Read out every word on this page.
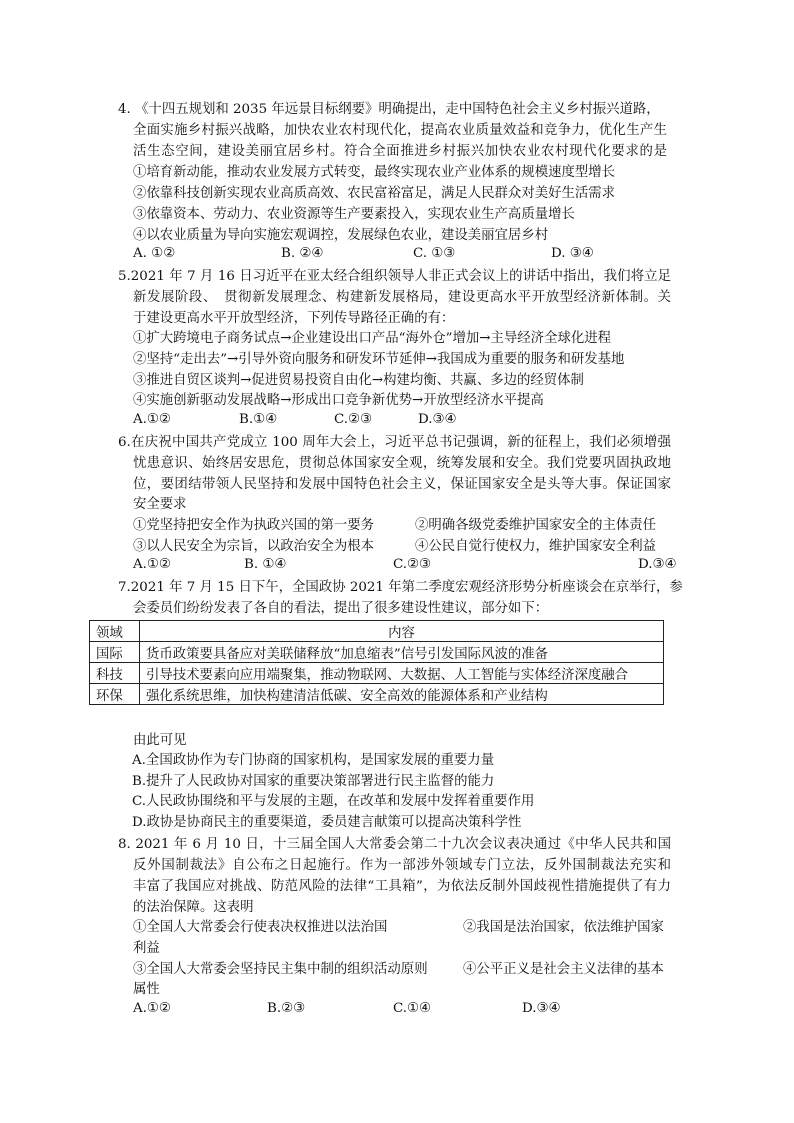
4. 《十四五规划和 2035 年远景目标纲要》明确提出，走中国特色社会主义乡村振兴道路，
全面实施乡村振兴战略，加快农业农村现代化，提高农业质量效益和竞争力，优化生产生
活生态空间，建设美丽宜居乡村。符合全面推进乡村振兴加快农业农村现代化要求的是
①培育新动能，推动农业发展方式转变，最终实现农业产业体系的规模速度型增长
②依靠科技创新实现农业高质高效、农民富裕富足，满足人民群众对美好生活需求
③依靠资本、劳动力、农业资源等生产要素投入，实现农业生产高质量增长
④以农业质量为导向实施宏观调控，发展绿色农业，建设美丽宜居乡村
A. ①②	B. ②④	C. ①③	D. ③④
5.2021 年 7 月 16 日习近平在亚太经合组织领导人非正式会议上的讲话中指出，我们将立足
新发展阶段、　贯彻新发展理念、构建新发展格局，建设更高水平开放型经济新体制。关
于建设更高水平开放型经济，下列传导路径正确的有：
①扩大跨境电子商务试点→企业建设出口产品“海外仓”增加→主导经济全球化进程
②坚持“走出去”→引导外资向服务和研发环节延伸→我国成为重要的服务和研发基地
③推进自贸区谈判→促进贸易投资自由化→构建均衡、共赢、多边的经贸体制
④实施创新驱动发展战略→形成出口竞争新优势→开放型经济水平提高
A.①②	B.①④	C.②③	D.③④
6.在庆祝中国共产党成立 100 周年大会上，习近平总书记强调，新的征程上，我们必须增强
忧患意识、始终居安思危，贯彻总体国家安全观，统筹发展和安全。我们党要巩固执政地
位，要团结带领人民坚持和发展中国特色社会主义，保证国家安全是头等大事。保证国家
安全要求
①党坚持把安全作为执政兴国的第一要务	②明确各级党委维护国家安全的主体责任
③以人民安全为宗旨，以政治安全为根本	④公民自觉行使权力，维护国家安全利益
A.①②	B. ①④	C.②③	D.③④
7.2021 年 7 月 15 日下午，全国政协 2021 年第二季度宏观经济形势分析座谈会在京举行，参
会委员们纷纷发表了各自的看法，提出了很多建设性建议，部分如下：
领域	内容
国际	货币政策要具备应对美联储释放“加息缩表”信号引发国际风波的准备
科技	引导技术要素向应用端聚集，推动物联网、大数据、人工智能与实体经济深度融合
环保	强化系统思维，加快构建清洁低碳、安全高效的能源体系和产业结构
由此可见
A.全国政协作为专门协商的国家机构，是国家发展的重要力量
B.提升了人民政协对国家的重要决策部署进行民主监督的能力
C.人民政协围绕和平与发展的主题，在改革和发展中发挥着重要作用
D.政协是协商民主的重要渠道，委员建言献策可以提高决策科学性
8. 2021 年 6 月 10 日，十三届全国人大常委会第二十九次会议表决通过《中华人民共和国
反外国制裁法》自公布之日起施行。作为一部涉外领域专门立法，反外国制裁法充实和
丰富了我国应对挑战、防范风险的法律“工具箱”，为依法反制外国歧视性措施提供了有力
的法治保障。这表明
①全国人大常委会行使表决权推进以法治国	②我国是法治国家，依法维护国家
利益
③全国人大常委会坚持民主集中制的组织活动原则	④公平正义是社会主义法律的基本
属性
A.①②	B.②③	C.①④	D.③④
